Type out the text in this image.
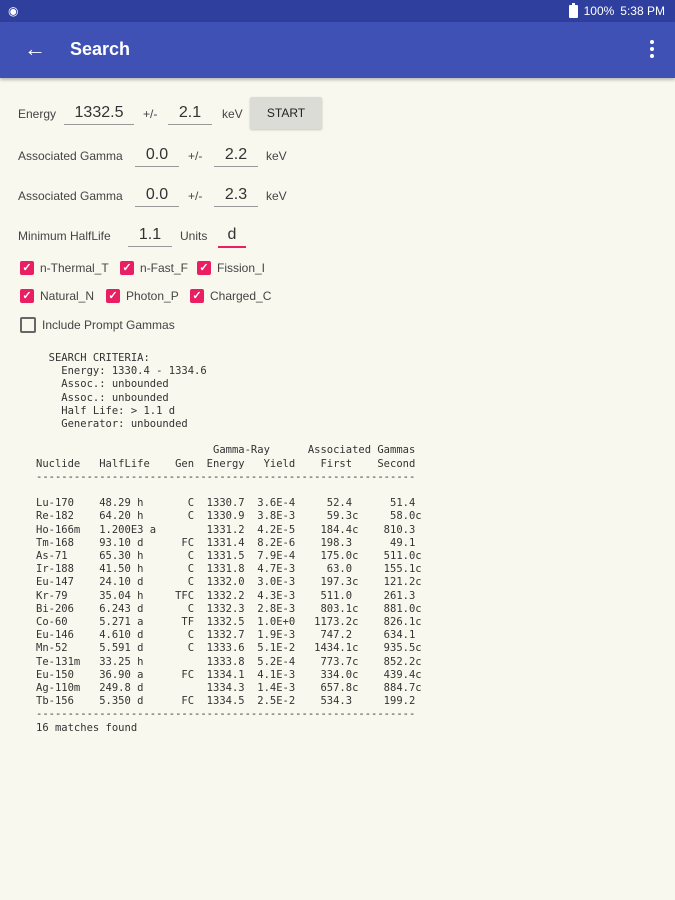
◉	100% 5:38 PM
← Search
Energy
1332.5	+/-
2.1	keV	START
Associated Gamma
0.0	+/-
2.2	keV
Associated Gamma
0.0	+/-
2.3	keV
Minimum HalfLife
1.1	Units
d
✓ n-Thermal_T ✓ n-Fast_F ✓ Fission_I
✓ Natural_N ✓ Photon_P ✓ Charged_C
Include Prompt Gammas
SEARCH CRITERIA:
Energy: 1330.4 - 1334.6
Assoc.: unbounded
Assoc.: unbounded
Half Life: > 1.1 d
Generator: unbounded

Gamma-Ray      Associated Gammas
Nuclide   HalfLife    Gen  Energy   Yield    First    Second
------------------------------------------------------------

Lu-170    48.29 h       C  1330.7  3.6E-4     52.4      51.4
Re-182    64.20 h       C  1330.9  3.8E-3     59.3c     58.0c
Ho-166m   1.200E3 a        1331.2  4.2E-5    184.4c    810.3
Tm-168    93.10 d      FC  1331.4  8.2E-6    198.3      49.1
As-71     65.30 h       C  1331.5  7.9E-4    175.0c    511.0c
Ir-188    41.50 h       C  1331.8  4.7E-3     63.0     155.1c
Eu-147    24.10 d       C  1332.0  3.0E-3    197.3c    121.2c
Kr-79     35.04 h     TFC  1332.2  4.3E-3    511.0     261.3
Bi-206    6.243 d       C  1332.3  2.8E-3    803.1c    881.0c
Co-60     5.271 a      TF  1332.5  1.0E+0   1173.2c    826.1c
Eu-146    4.610 d       C  1332.7  1.9E-3    747.2     634.1
Mn-52     5.591 d       C  1333.6  5.1E-2   1434.1c    935.5c
Te-131m   33.25 h          1333.8  5.2E-4    773.7c    852.2c
Eu-150    36.90 a      FC  1334.1  4.1E-3    334.0c    439.4c
Ag-110m   249.8 d          1334.3  1.4E-3    657.8c    884.7c
Tb-156    5.350 d      FC  1334.5  2.5E-2    534.3     199.2
------------------------------------------------------------
16 matches found
